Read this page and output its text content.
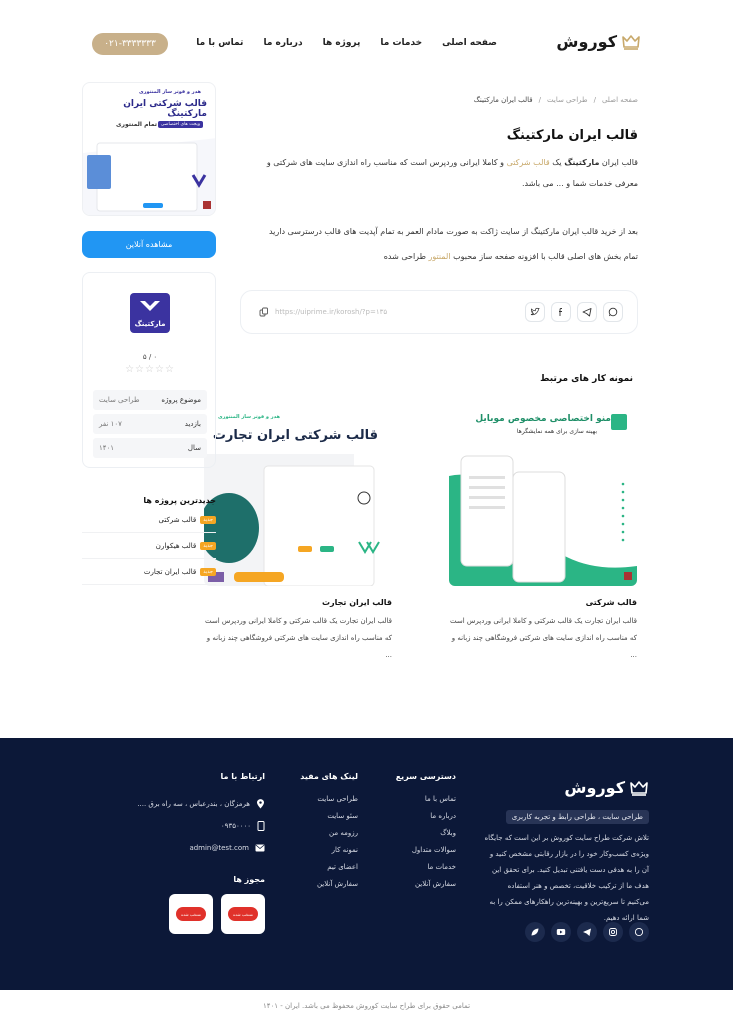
کوروش
صفحه اصلی
خدمات ما
پروژه ها
درباره ما
تماس با ما
۰۲۱-۳۳۳۳۳۳۳
صفحه اصلی
/
طراحی سایت
/
قالب ایران مارکتینگ
قالب ایران مارکتینگ

قالب ایران مارکتینگ یک قالب شرکتی و کاملا ایرانی وردپرس است که مناسب راه اندازی سایت های شرکتی و معرفی خدمات شما و ... می باشد.

بعد از خرید قالب ایران مارکتینگ از سایت ژاکت به صورت مادام العمر به تمام آپدیت های قالب درسترسی دارید

تمام بخش های اصلی قالب با افزونه صفحه ساز محبوب المنتور طراحی شده

https://uiprime.ir/korosh/?p=۱۳۵
نمونه کار های مرتبط
منو اختصاصی مخصوص موبایل
بهینه سازی برای همه نمایشگرها
قالب شرکتی
قالب ایران تجارت یک قالب شرکتی و کاملا ایرانی وردپرس است که مناسب راه اندازی سایت های شرکتی فروشگاهی چند زبانه و ...
هدر و فوتر ساز المنتوری
قالب شرکتی ایران تجارت
قالب ایران تجارت
قالب ایران تجارت یک قالب شرکتی و کاملا ایرانی وردپرس است که مناسب راه اندازی سایت های شرکتی فروشگاهی چند زبانه و ...
هدر و فوتر ساز المنتوری
قالب شرکتی ایران مارکتینگ
تمام المنتوری ویجت های اختصاصی
مشاهده آنلاین
مارکتینگ
۰ / ۵
☆☆☆☆☆
موضوع پروژه
طراحی سایت
بازدید
۱۰۷ نفر
سال
۱۴۰۱
جدیدترین پروژه ها
جدید
قالب شرکتی
جدید
قالب هیکوارن
جدید
قالب ایران تجارت
کوروش
طراحی سایت ، طراحی رابط و تجربه کاربری

تلاش شرکت طراح سایت کوروش بر این است که جایگاه ویژه‌ی کسب‌وکار خود را در بازار رقابتی مشخص کنید و آن را به هدفی دست یافتنی تبدیل کنید. برای تحقق این هدف ما از ترکیب خلاقیت، تخصص و هنر استفاده می‌کنیم تا سریع‌ترین و بهینه‌ترین راهکارهای ممکن را به شما ارائه دهیم.

دسترسی سریع
تماس با ما
درباره ما
وبلاگ
سوالات متداول
خدمات ما
سفارش آنلاین
لینک های مفید
طراحی سایت
سئو سایت
رزومه من
نمونه کار
اعضای تیم
سفارش آنلاین
ارتباط با ما
هرمزگان ، بندرعباس ، سه راه برق ....
۰۹۳۵۰۰۰۰
admin@test.com
مجوز ها
منتخب شده	منتخب شده
تمامی حقوق برای طراح سایت کوروش محفوظ می باشد. ایران - ۱۴۰۱
